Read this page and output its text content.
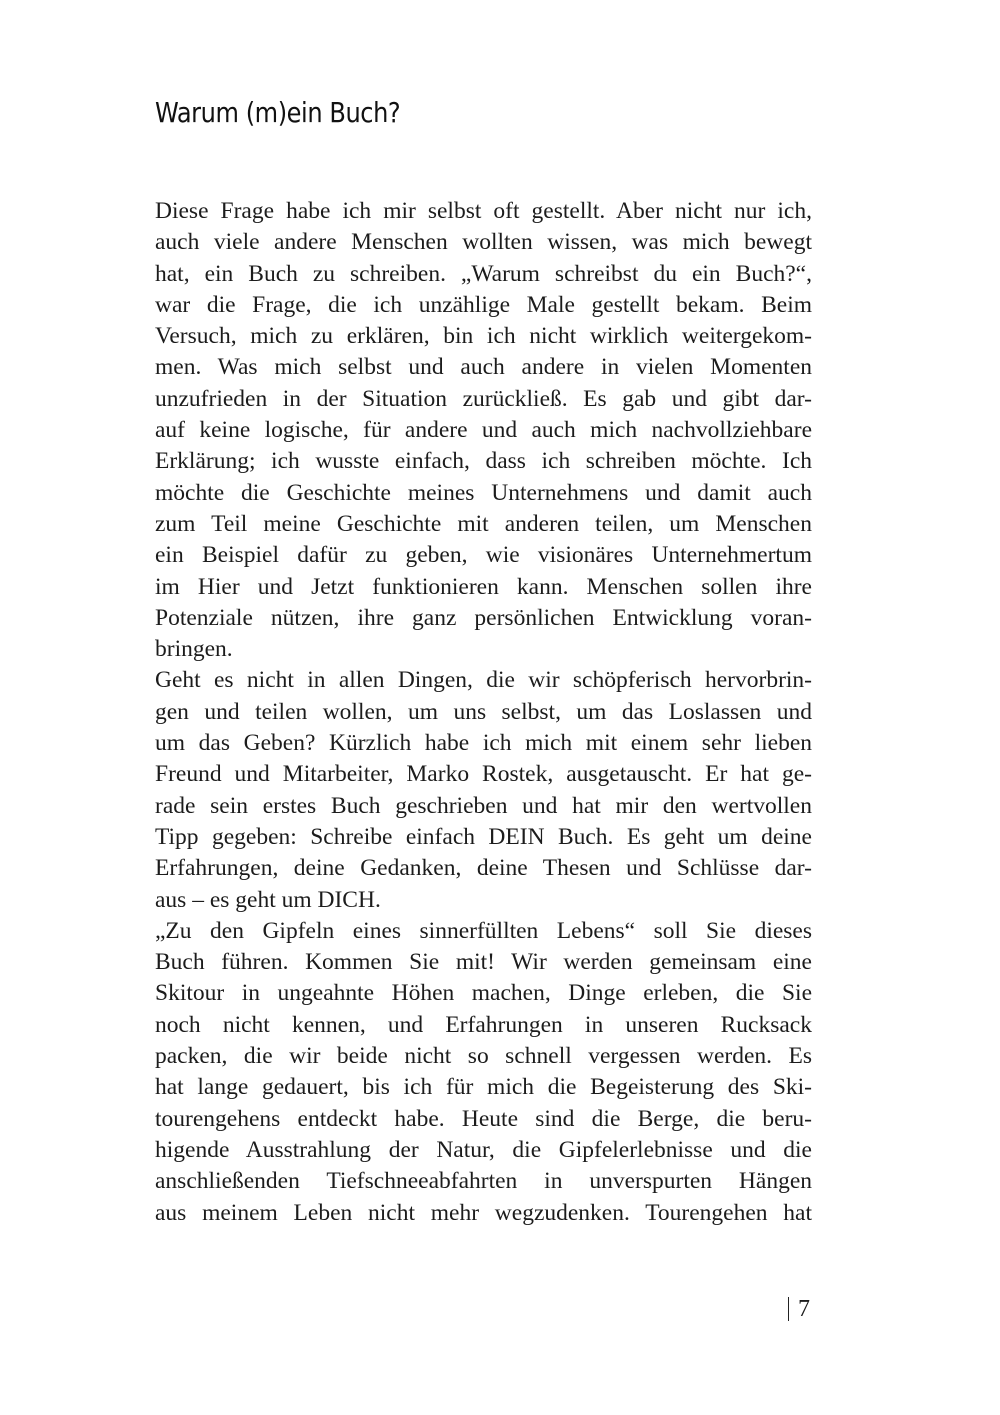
Warum (m)ein Buch?
Diese Frage habe ich mir selbst oft gestellt. Aber nicht nur ich,
auch viele andere Menschen wollten wissen, was mich bewegt
hat, ein Buch zu schreiben. „Warum schreibst du ein Buch?“,
war die Frage, die ich unzählige Male gestellt bekam. Beim
Versuch, mich zu erklären, bin ich nicht wirklich weitergekom-
men. Was mich selbst und auch andere in vielen Momenten
unzufrieden in der Situation zurückließ. Es gab und gibt dar-
auf keine logische, für andere und auch mich nachvollziehbare
Erklärung; ich wusste einfach, dass ich schreiben möchte. Ich
möchte die Geschichte meines Unternehmens und damit auch
zum Teil meine Geschichte mit anderen teilen, um Menschen
ein Beispiel dafür zu geben, wie visionäres Unternehmertum
im Hier und Jetzt funktionieren kann. Menschen sollen ihre
Potenziale nützen, ihre ganz persönlichen Entwicklung voran-
bringen.
Geht es nicht in allen Dingen, die wir schöpferisch hervorbrin-
gen und teilen wollen, um uns selbst, um das Loslassen und
um das Geben? Kürzlich habe ich mich mit einem sehr lieben
Freund und Mitarbeiter, Marko Rostek, ausgetauscht. Er hat ge-
rade sein erstes Buch geschrieben und hat mir den wertvollen
Tipp gegeben: Schreibe einfach DEIN Buch. Es geht um deine
Erfahrungen, deine Gedanken, deine Thesen und Schlüsse dar-
aus – es geht um DICH.
„Zu den Gipfeln eines sinnerfüllten Lebens“ soll Sie dieses
Buch führen. Kommen Sie mit! Wir werden gemeinsam eine
Skitour in ungeahnte Höhen machen, Dinge erleben, die Sie
noch nicht kennen, und Erfahrungen in unseren Rucksack
packen, die wir beide nicht so schnell vergessen werden. Es
hat lange gedauert, bis ich für mich die Begeisterung des Ski-
tourengehens entdeckt habe. Heute sind die Berge, die beru-
higende Ausstrahlung der Natur, die Gipfelerlebnisse und die
anschließenden Tiefschneeabfahrten in unverspurten Hängen
aus meinem Leben nicht mehr wegzudenken. Tourengehen hat
7
